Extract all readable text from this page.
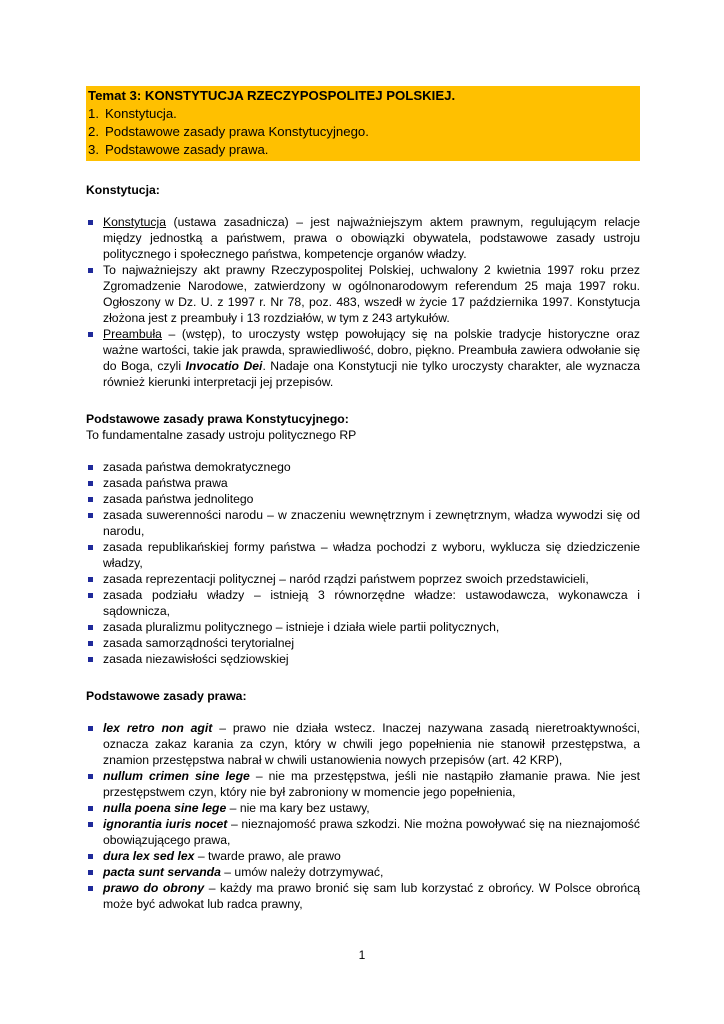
Temat 3: KONSTYTUCJA RZECZYPOSPOLITEJ POLSKIEJ.
1. Konstytucja.
2. Podstawowe zasady prawa Konstytucyjnego.
3. Podstawowe zasady prawa.
Konstytucja:
Konstytucja (ustawa zasadnicza) – jest najważniejszym aktem prawnym, regulującym relacje między jednostką a państwem, prawa o obowiązki obywatela, podstawowe zasady ustroju politycznego i społecznego państwa, kompetencje organów władzy.
To najważniejszy akt prawny Rzeczypospolitej Polskiej, uchwalony 2 kwietnia 1997 roku przez Zgromadzenie Narodowe, zatwierdzony w ogólnonarodowym referendum 25 maja 1997 roku. Ogłoszony w Dz. U. z 1997 r. Nr 78, poz. 483, wszedł w życie 17 października 1997. Konstytucja złożona jest z preambuły i 13 rozdziałów, w tym z 243 artykułów.
Preambuła – (wstęp), to uroczysty wstęp powołujący się na polskie tradycje historyczne oraz ważne wartości, takie jak prawda, sprawiedliwość, dobro, piękno. Preambuła zawiera odwołanie się do Boga, czyli Invocatio Dei. Nadaje ona Konstytucji nie tylko uroczysty charakter, ale wyznacza również kierunki interpretacji jej przepisów.
Podstawowe zasady prawa Konstytucyjnego:
To fundamentalne zasady ustroju politycznego RP
zasada państwa demokratycznego
zasada państwa prawa
zasada państwa jednolitego
zasada suwerenności narodu – w znaczeniu wewnętrznym i zewnętrznym, władza wywodzi się od narodu,
zasada republikańskiej formy państwa – władza pochodzi z wyboru, wyklucza się dziedziczenie władzy,
zasada reprezentacji politycznej – naród rządzi państwem poprzez swoich przedstawicieli,
zasada podziału władzy – istnieją 3 równorzędne władze: ustawodawcza, wykonawcza i sądownicza,
zasada pluralizmu politycznego – istnieje i działa wiele partii politycznych,
zasada samorządności terytorialnej
zasada niezawisłości sędziowskiej
Podstawowe zasady prawa:
lex retro non agit – prawo nie działa wstecz. Inaczej nazywana zasadą nieretroaktywności, oznacza zakaz karania za czyn, który w chwili jego popełnienia nie stanowił przestępstwa, a znamion przestępstwa nabrał w chwili ustanowienia nowych przepisów (art. 42 KRP),
nullum crimen sine lege – nie ma przestępstwa, jeśli nie nastąpiło złamanie prawa. Nie jest przestępstwem czyn, który nie był zabroniony w momencie jego popełnienia,
nulla poena sine lege – nie ma kary bez ustawy,
ignorantia iuris nocet – nieznajomość prawa szkodzi. Nie można powoływać się na nieznajomość obowiązującego prawa,
dura lex sed lex – twarde prawo, ale prawo
pacta sunt servanda – umów należy dotrzymywać,
prawo do obrony – każdy ma prawo bronić się sam lub korzystać z obrońcy. W Polsce obrońcą może być adwokat lub radca prawny,
1
